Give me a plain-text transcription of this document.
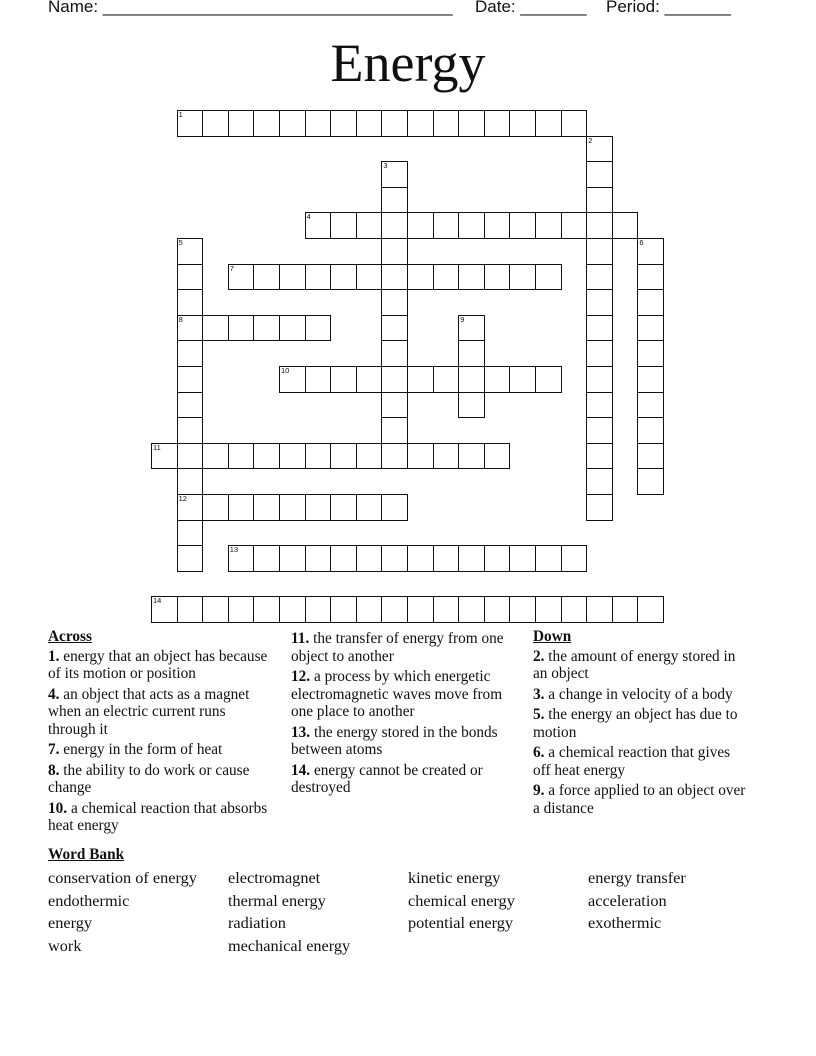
Name: _____________________________________ Date: _______ Period: _______
Energy
1
2
3
4
5
8
12
6
7
9
10
11
13
14
Across
1. energy that an object has because of its motion or position
4. an object that acts as a magnet when an electric current runs through it
7. energy in the form of heat
8. the ability to do work or cause change
10. a chemical reaction that absorbs heat energy
11. the transfer of energy from one object to another
12. a process by which energetic electromagnetic waves move from one place to another
13. the energy stored in the bonds between atoms
14. energy cannot be created or destroyed
Down
2. the amount of energy stored in an object
3. a change in velocity of a body
5. the energy an object has due to motion
6. a chemical reaction that gives off heat energy
9. a force applied to an object over a distance
Word Bank
conservation of energy
endothermic
energy
work
electromagnet
thermal energy
radiation
mechanical energy
kinetic energy
chemical energy
potential energy
energy transfer
acceleration
exothermic
